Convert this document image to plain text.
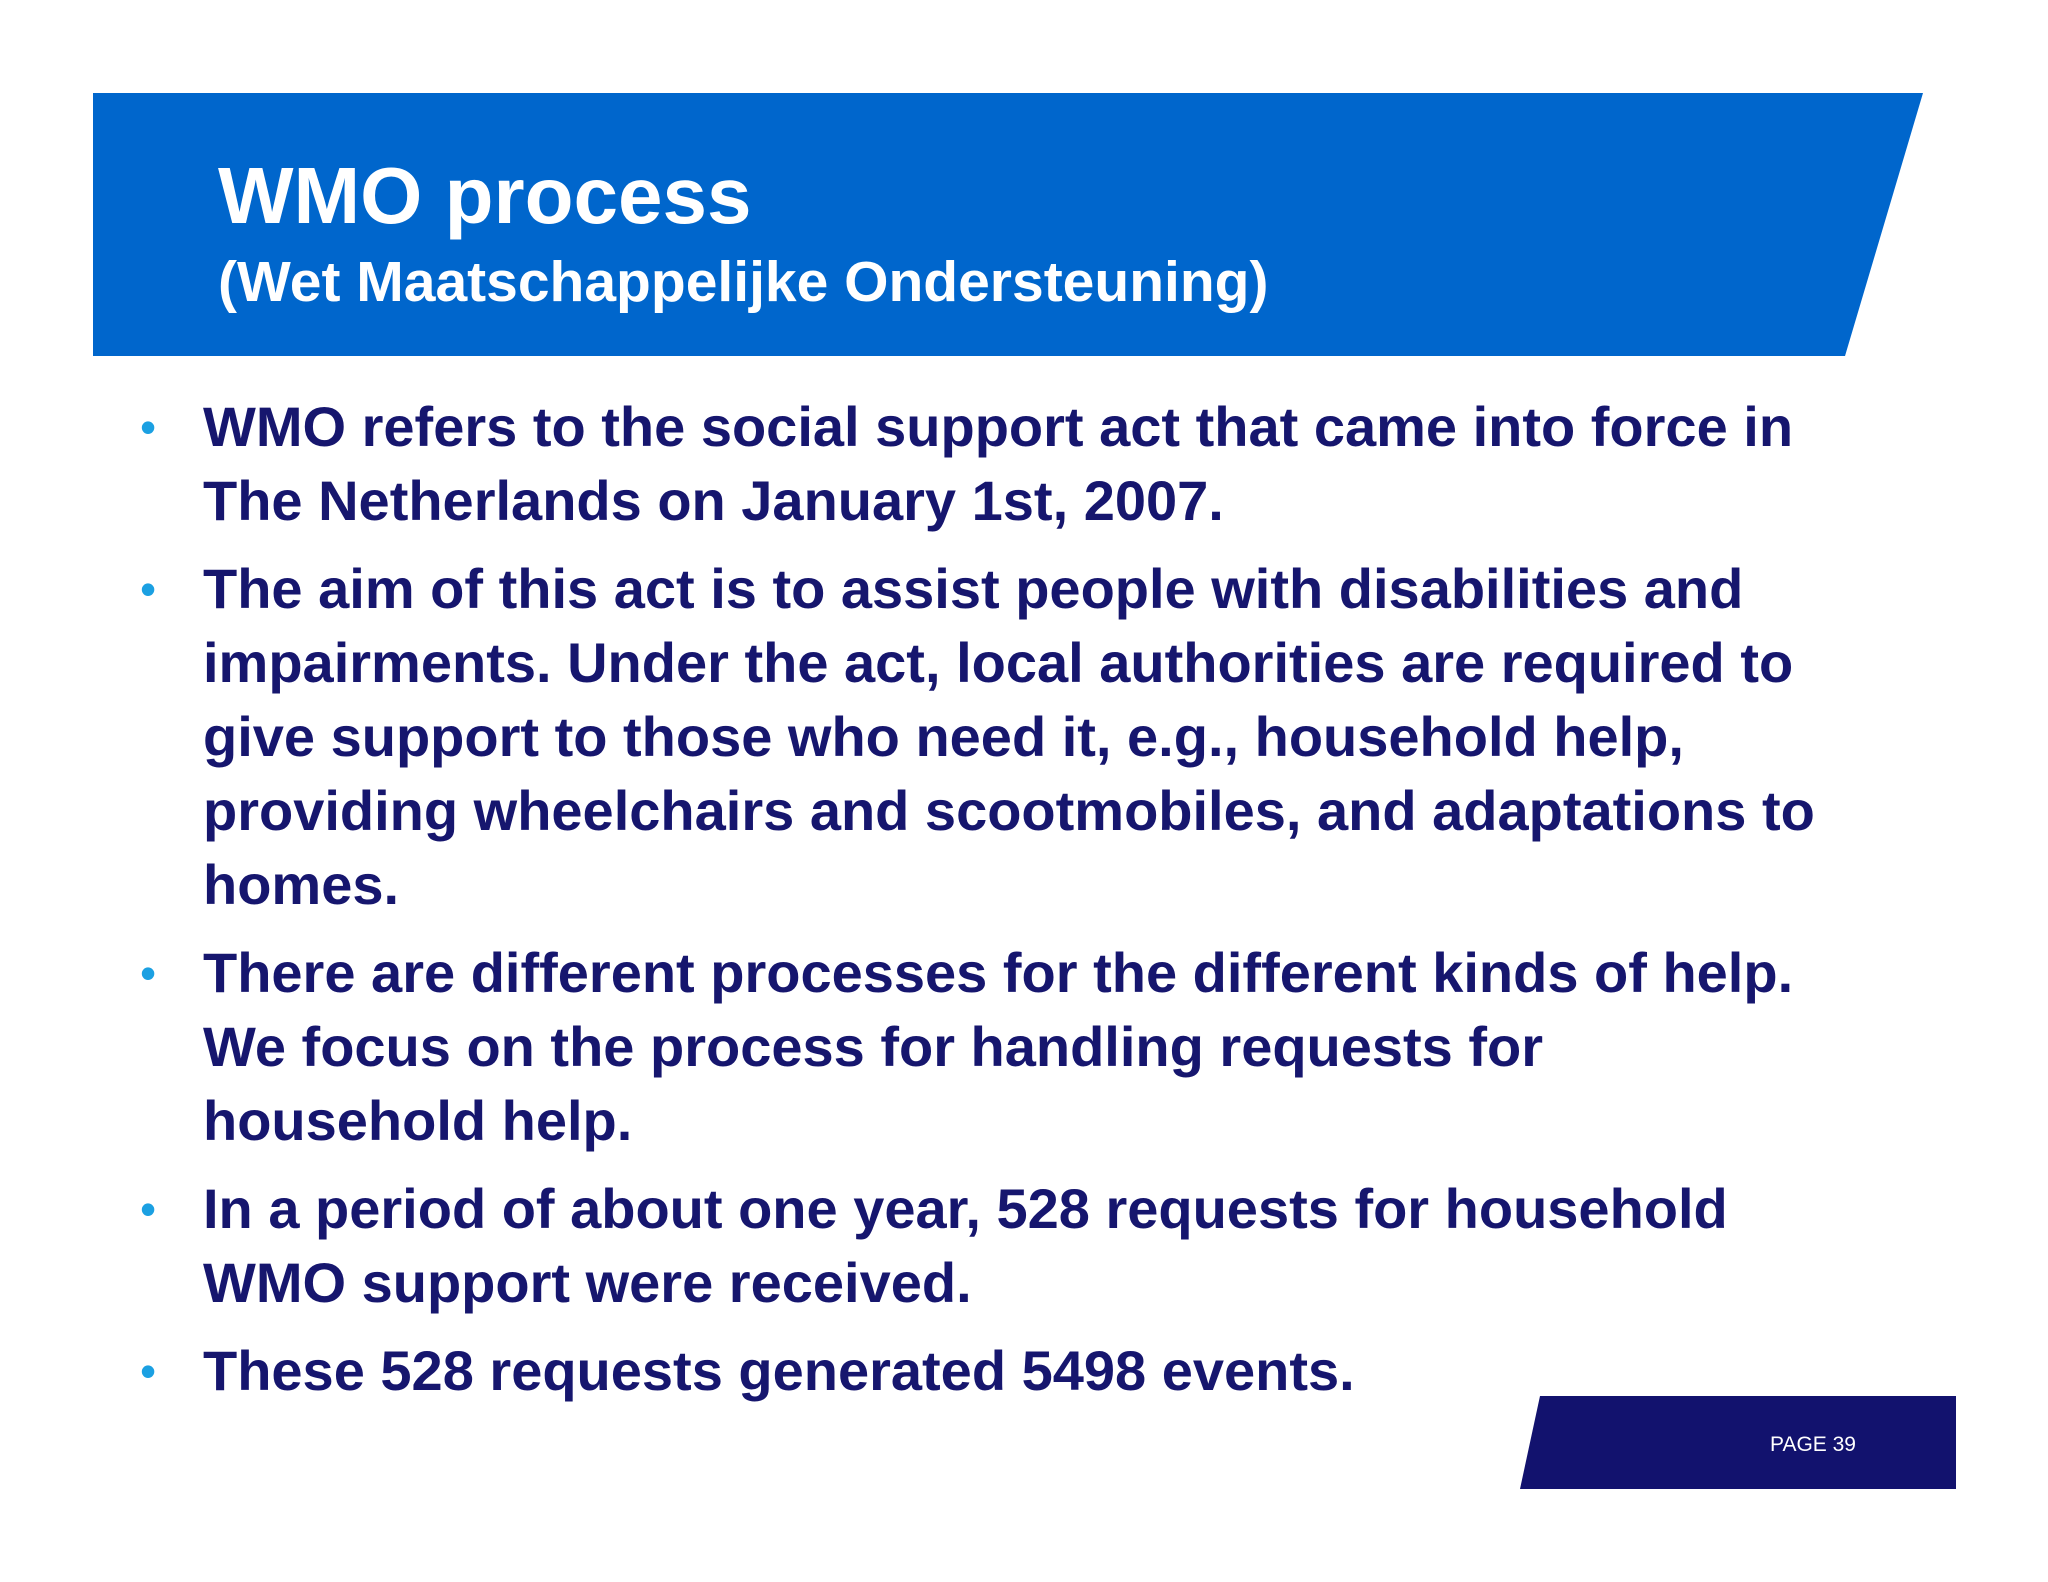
WMO process
(Wet Maatschappelijke Ondersteuning)
• WMO refers to the social support act that came into force in The Netherlands on January 1st, 2007.
• The aim of this act is to assist people with disabilities and impairments. Under the act, local authorities are required to give support to those who need it, e.g., household help, providing wheelchairs and scootmobiles, and adaptations to homes.
• There are different processes for the different kinds of help. We focus on the process for handling requests for household help.
• In a period of about one year, 528 requests for household WMO support were received.
• These 528 requests generated 5498 events.
PAGE 39
